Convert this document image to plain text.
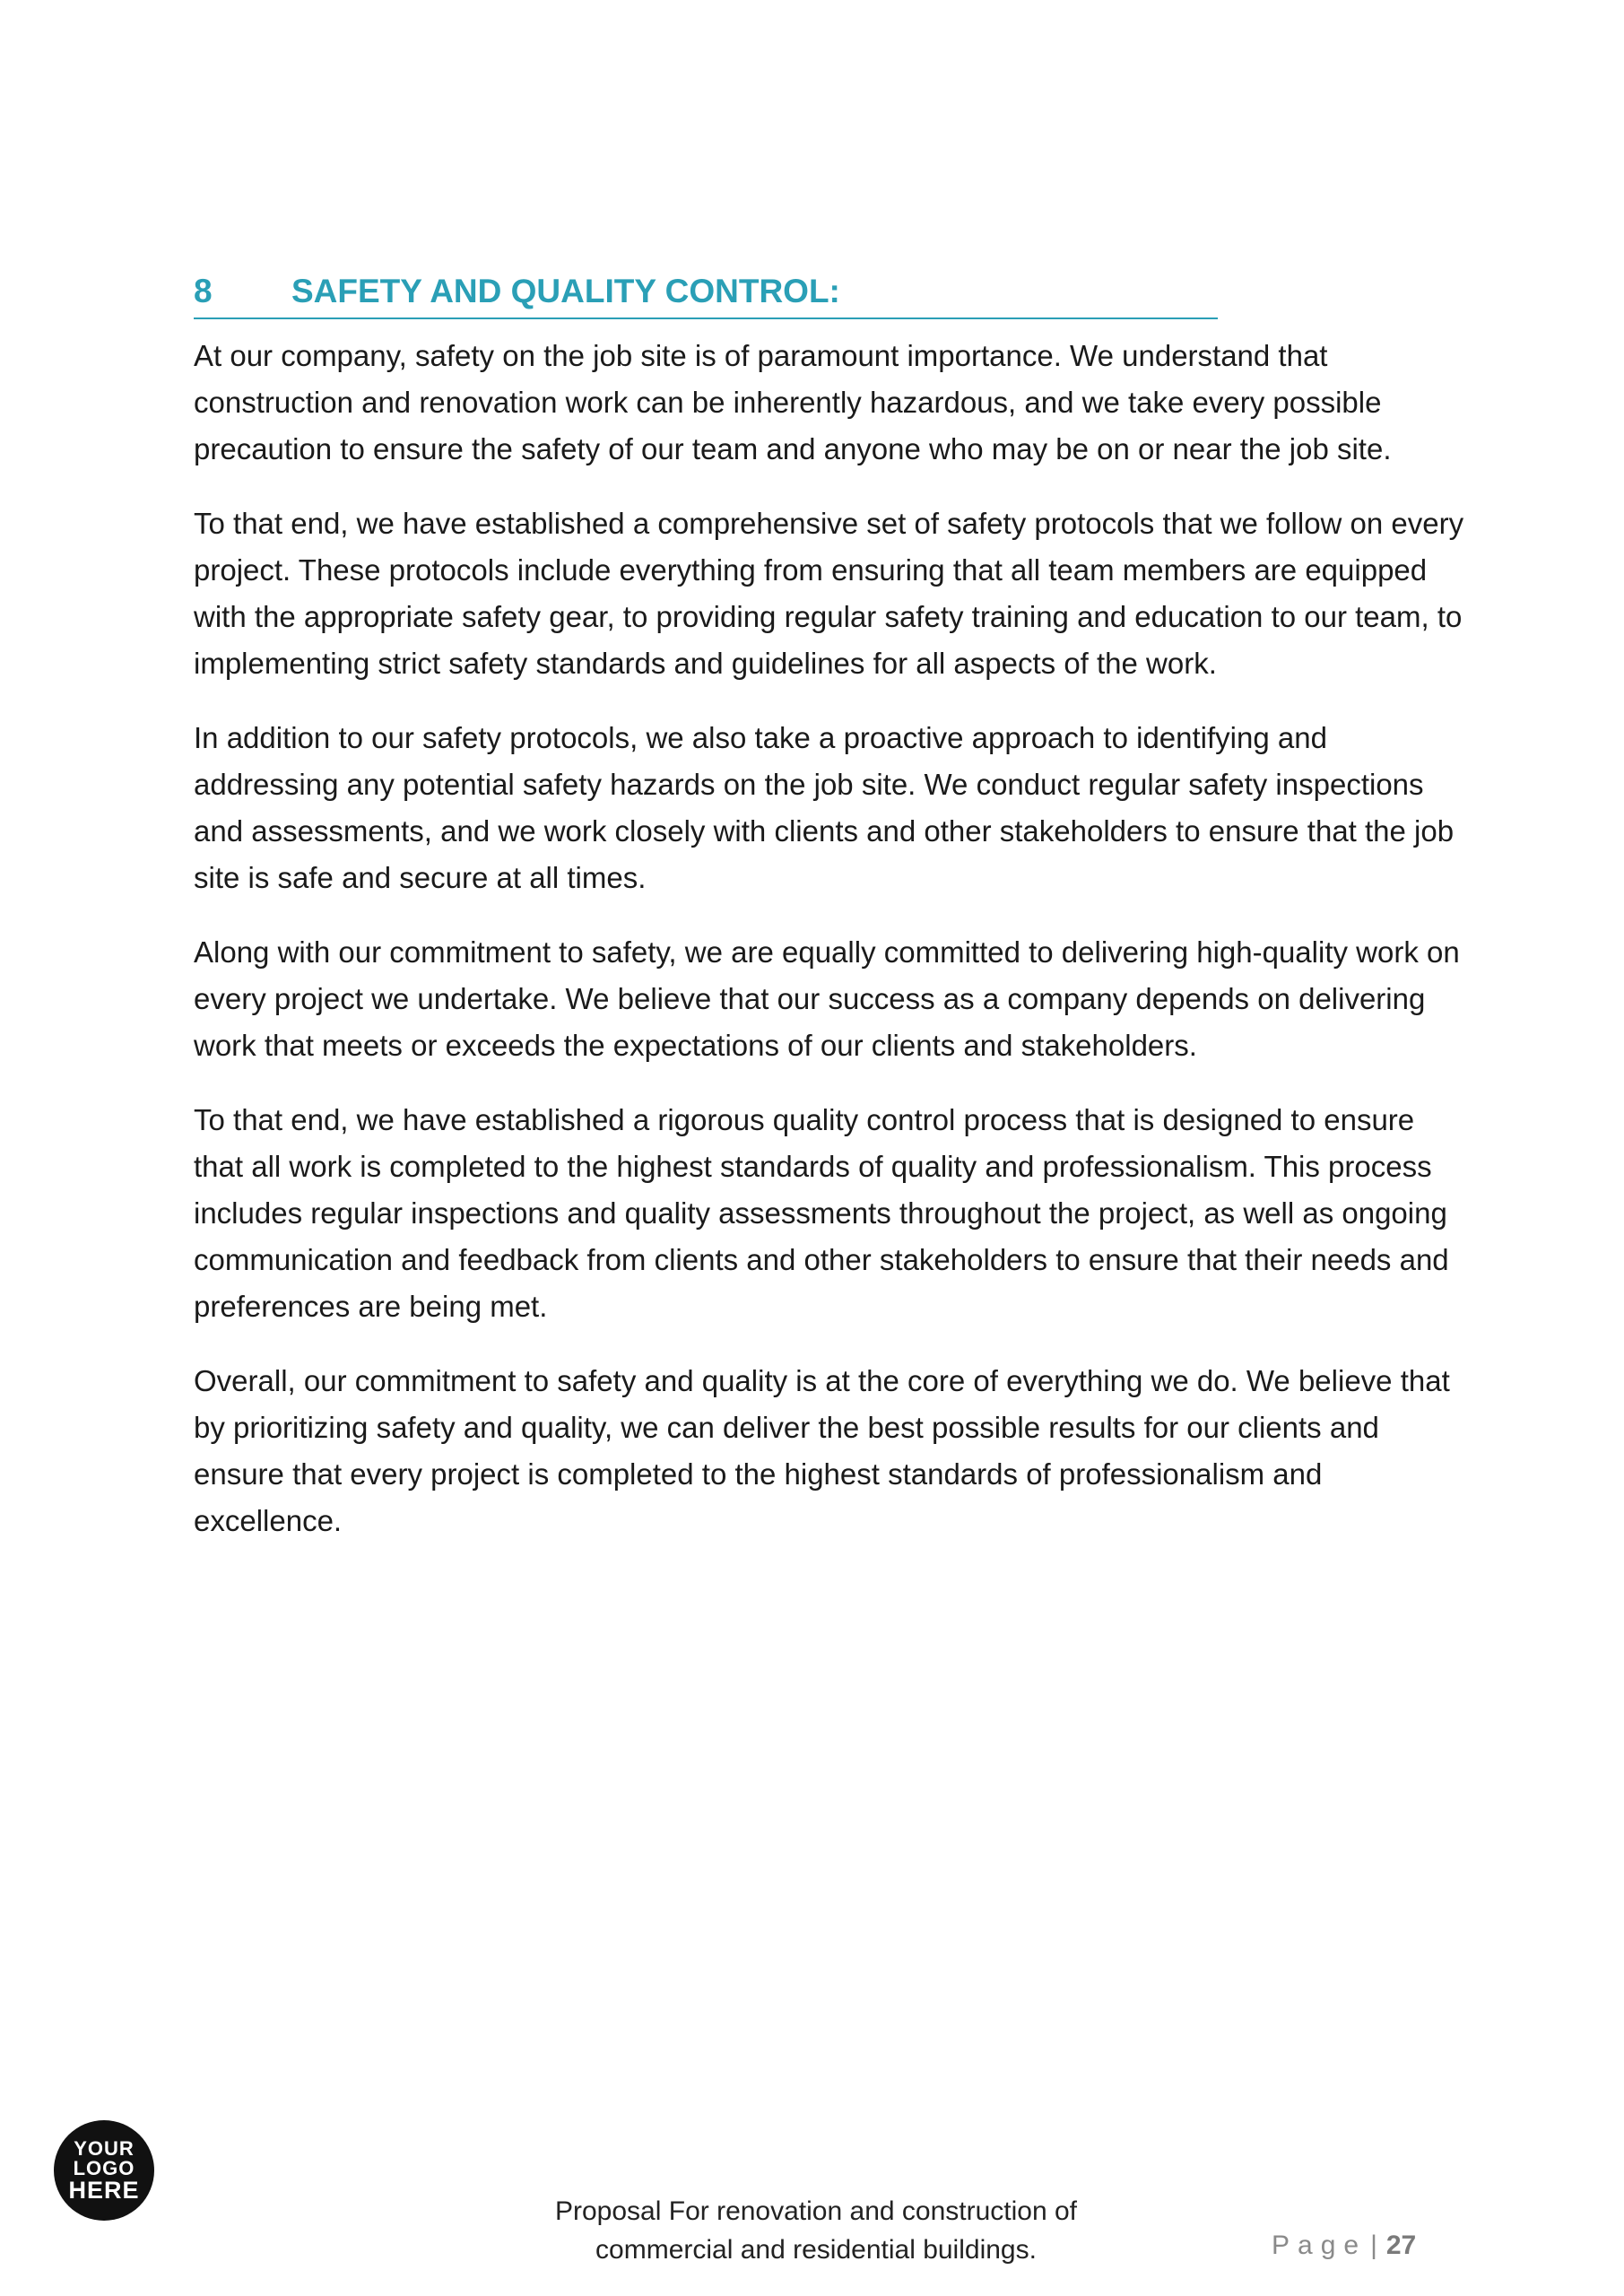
8 SAFETY AND QUALITY CONTROL:

At our company, safety on the job site is of paramount importance. We understand that construction and renovation work can be inherently hazardous, and we take every possible precaution to ensure the safety of our team and anyone who may be on or near the job site.

To that end, we have established a comprehensive set of safety protocols that we follow on every project. These protocols include everything from ensuring that all team members are equipped with the appropriate safety gear, to providing regular safety training and education to our team, to implementing strict safety standards and guidelines for all aspects of the work.

In addition to our safety protocols, we also take a proactive approach to identifying and addressing any potential safety hazards on the job site. We conduct regular safety inspections and assessments, and we work closely with clients and other stakeholders to ensure that the job site is safe and secure at all times.

Along with our commitment to safety, we are equally committed to delivering high-quality work on every project we undertake. We believe that our success as a company depends on delivering work that meets or exceeds the expectations of our clients and stakeholders.

To that end, we have established a rigorous quality control process that is designed to ensure that all work is completed to the highest standards of quality and professionalism. This process includes regular inspections and quality assessments throughout the project, as well as ongoing communication and feedback from clients and other stakeholders to ensure that their needs and preferences are being met.

Overall, our commitment to safety and quality is at the core of everything we do. We believe that by prioritizing safety and quality, we can deliver the best possible results for our clients and ensure that every project is completed to the highest standards of professionalism and excellence.

YOUR
LOGO
HERE
Proposal For renovation and construction of
commercial and residential buildings.	Page | 27
